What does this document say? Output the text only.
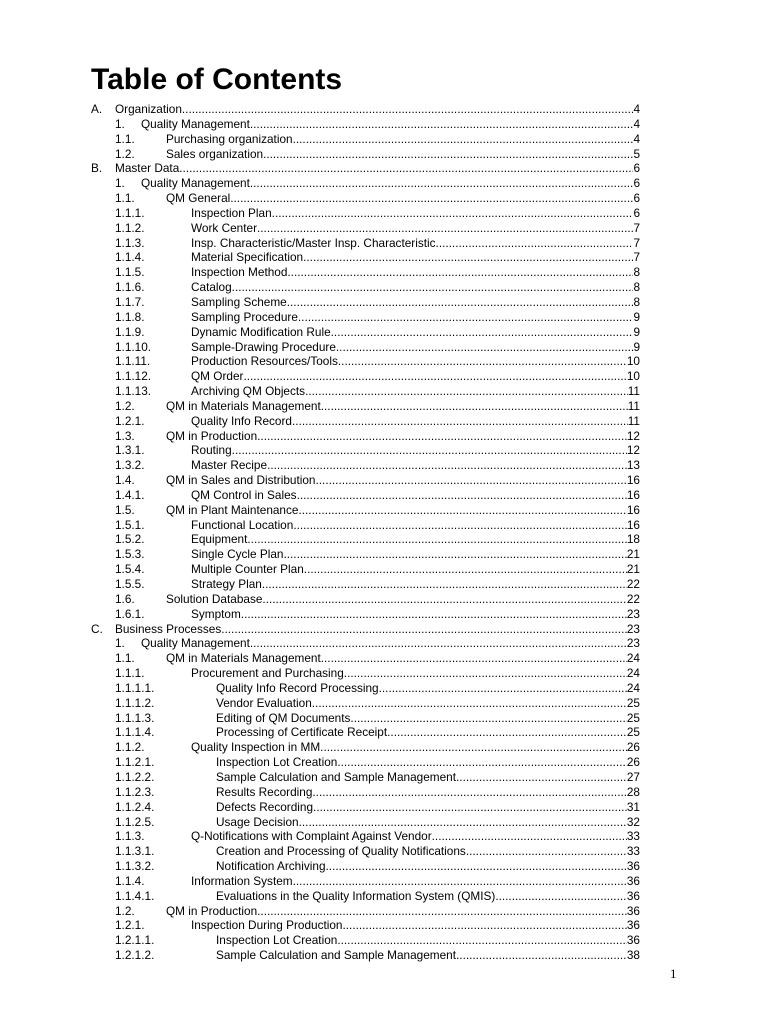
Table of Contents
A. Organization .....	4
1. Quality Management .....	4
1.1.	Purchasing organization .....	4
1.2.	Sales organization .....	5
B. Master Data .....	6
1. Quality Management .....	6
1.1.	QM General .....	6
1.1.1.	Inspection Plan .....	6
1.1.2.	Work Center .....	7
1.1.3.	Insp. Characteristic/Master Insp. Characteristic .....	7
1.1.4.	Material Specification .....	7
1.1.5.	Inspection Method .....	8
1.1.6.	Catalog .....	8
1.1.7.	Sampling Scheme .....	8
1.1.8.	Sampling Procedure .....	9
1.1.9.	Dynamic Modification Rule .....	9
1.1.10.	Sample-Drawing Procedure .....	9
1.1.11.	Production Resources/Tools .....	10
1.1.12.	QM Order .....	10
1.1.13.	Archiving QM Objects .....	11
1.2.	QM in Materials Management .....	11
1.2.1.	Quality Info Record .....	11
1.3.	QM in Production .....	12
1.3.1.	Routing .....	12
1.3.2.	Master Recipe .....	13
1.4.	QM in Sales and Distribution .....	16
1.4.1.	QM Control in Sales .....	16
1.5.	QM in Plant Maintenance .....	16
1.5.1.	Functional Location .....	16
1.5.2.	Equipment .....	18
1.5.3.	Single Cycle Plan .....	21
1.5.4.	Multiple Counter Plan .....	21
1.5.5.	Strategy Plan .....	22
1.6.	Solution Database .....	22
1.6.1.	Symptom .....	23
C. Business Processes .....	23
1. Quality Management .....	23
1.1.	QM in Materials Management .....	24
1.1.1.	Procurement and Purchasing .....	24
1.1.1.1.	Quality Info Record Processing .....	24
1.1.1.2.	Vendor Evaluation .....	25
1.1.1.3.	Editing of QM Documents .....	25
1.1.1.4.	Processing of Certificate Receipt .....	25
1.1.2.	Quality Inspection in MM .....	26
1.1.2.1.	Inspection Lot Creation .....	26
1.1.2.2.	Sample Calculation and Sample Management .....	27
1.1.2.3.	Results Recording .....	28
1.1.2.4.	Defects Recording .....	31
1.1.2.5.	Usage Decision .....	32
1.1.3.	Q-Notifications with Complaint Against Vendor .....	33
1.1.3.1.	Creation and Processing of Quality Notifications .....	33
1.1.3.2.	Notification Archiving .....	36
1.1.4.	Information System .....	36
1.1.4.1.	Evaluations in the Quality Information System (QMIS) .....	36
1.2.	QM in Production .....	36
1.2.1.	Inspection During Production .....	36
1.2.1.1.	Inspection Lot Creation .....	36
1.2.1.2.	Sample Calculation and Sample Management .....	38
1
